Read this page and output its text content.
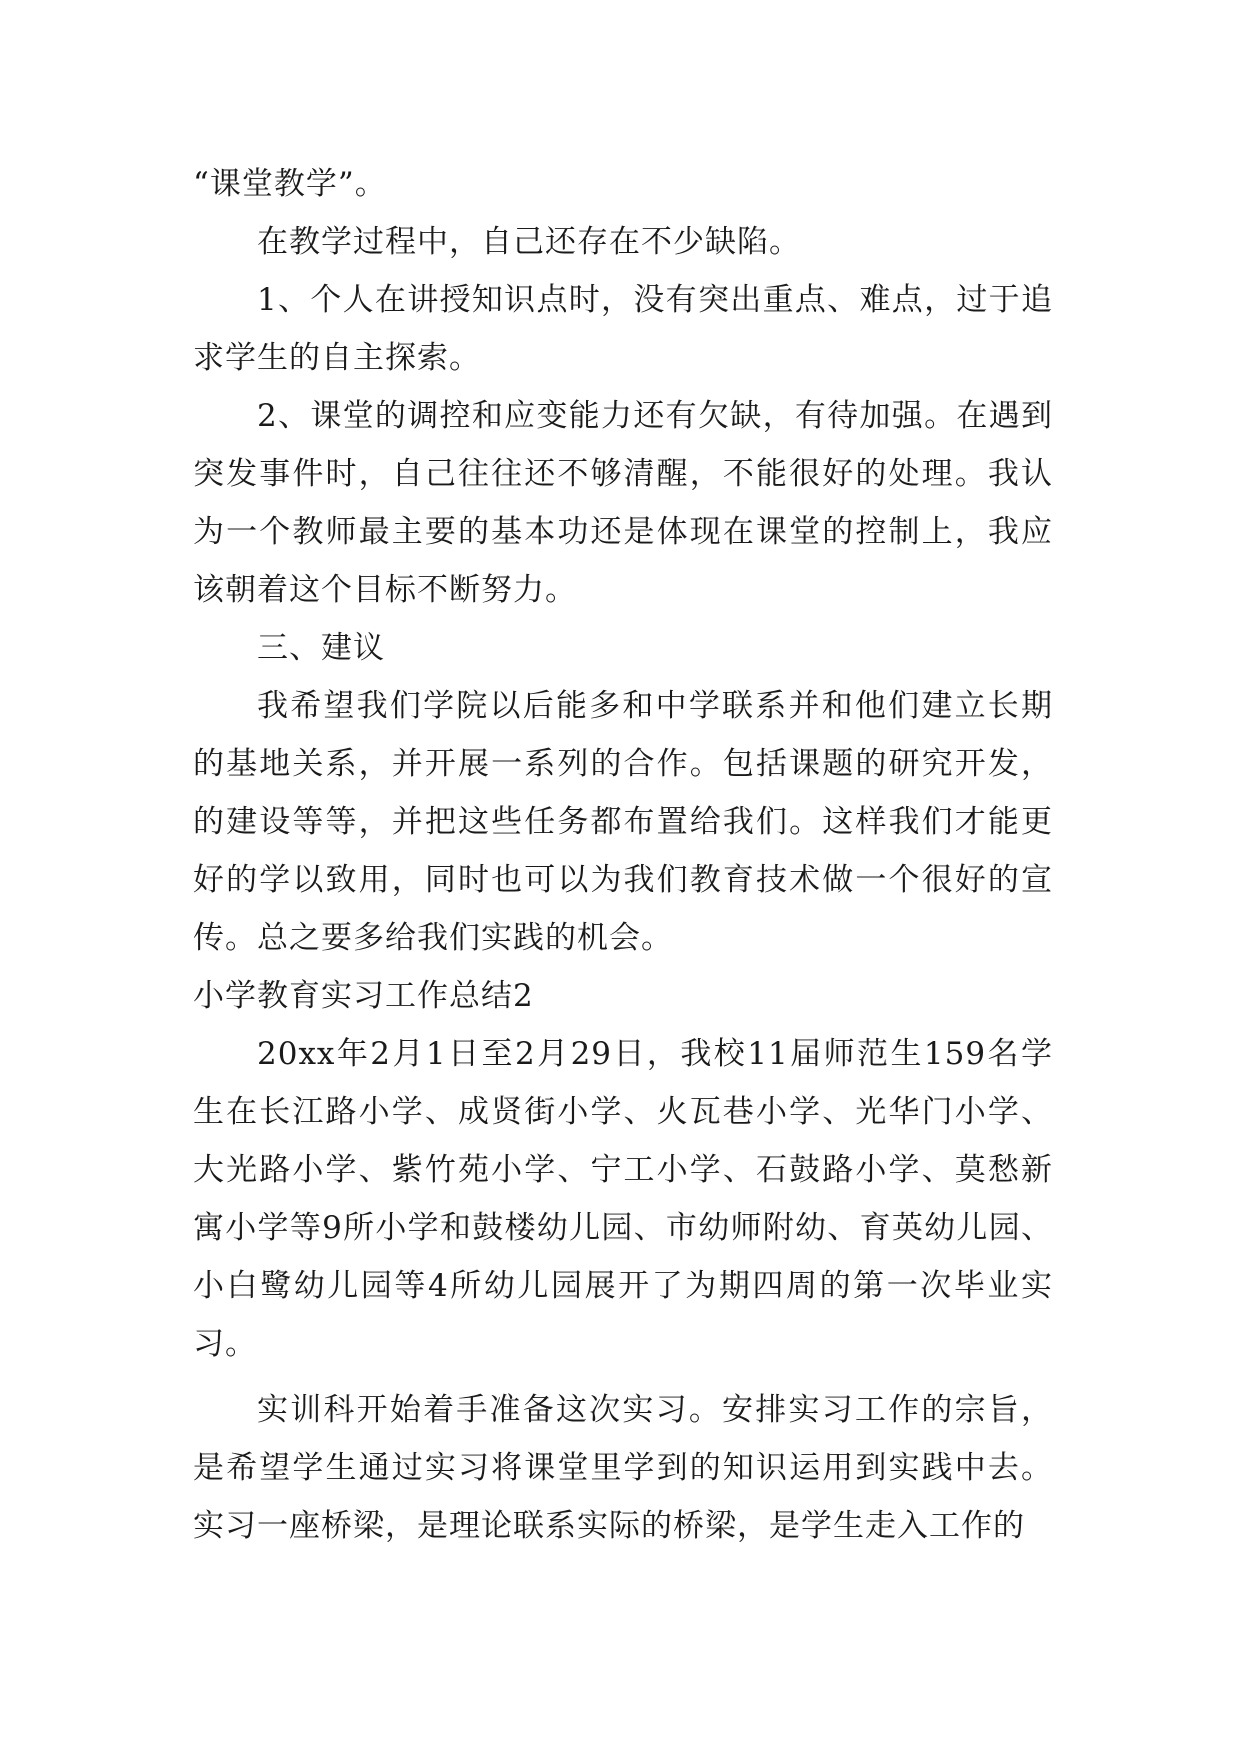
“课堂教学”。

在教学过程中，自己还存在不少缺陷。

1、个人在讲授知识点时，没有突出重点、难点，过于追求学生的自主探索。

2、课堂的调控和应变能力还有欠缺，有待加强。在遇到突发事件时，自己往往还不够清醒，不能很好的处理。我认为一个教师最主要的基本功还是体现在课堂的控制上，我应该朝着这个目标不断努力。

三、建议

我希望我们学院以后能多和中学联系并和他们建立长期的基地关系，并开展一系列的合作。包括课题的研究开发，的建设等等，并把这些任务都布置给我们。这样我们才能更好的学以致用，同时也可以为我们教育技术做一个很好的宣传。总之要多给我们实践的机会。

小学教育实习工作总结2

20xx年2月1日至2月29日，我校11届师范生159名学生在长江路小学、成贤街小学、火瓦巷小学、光华门小学、大光路小学、紫竹苑小学、宁工小学、石鼓路小学、莫愁新寓小学等9所小学和鼓楼幼儿园、市幼师附幼、育英幼儿园、小白鹭幼儿园等4所幼儿园展开了为期四周的第一次毕业实习。

实训科开始着手准备这次实习。安排实习工作的宗旨，是希望学生通过实习将课堂里学到的知识运用到实践中去。实习一座桥梁，是理论联系实际的桥梁，是学生走入工作的
